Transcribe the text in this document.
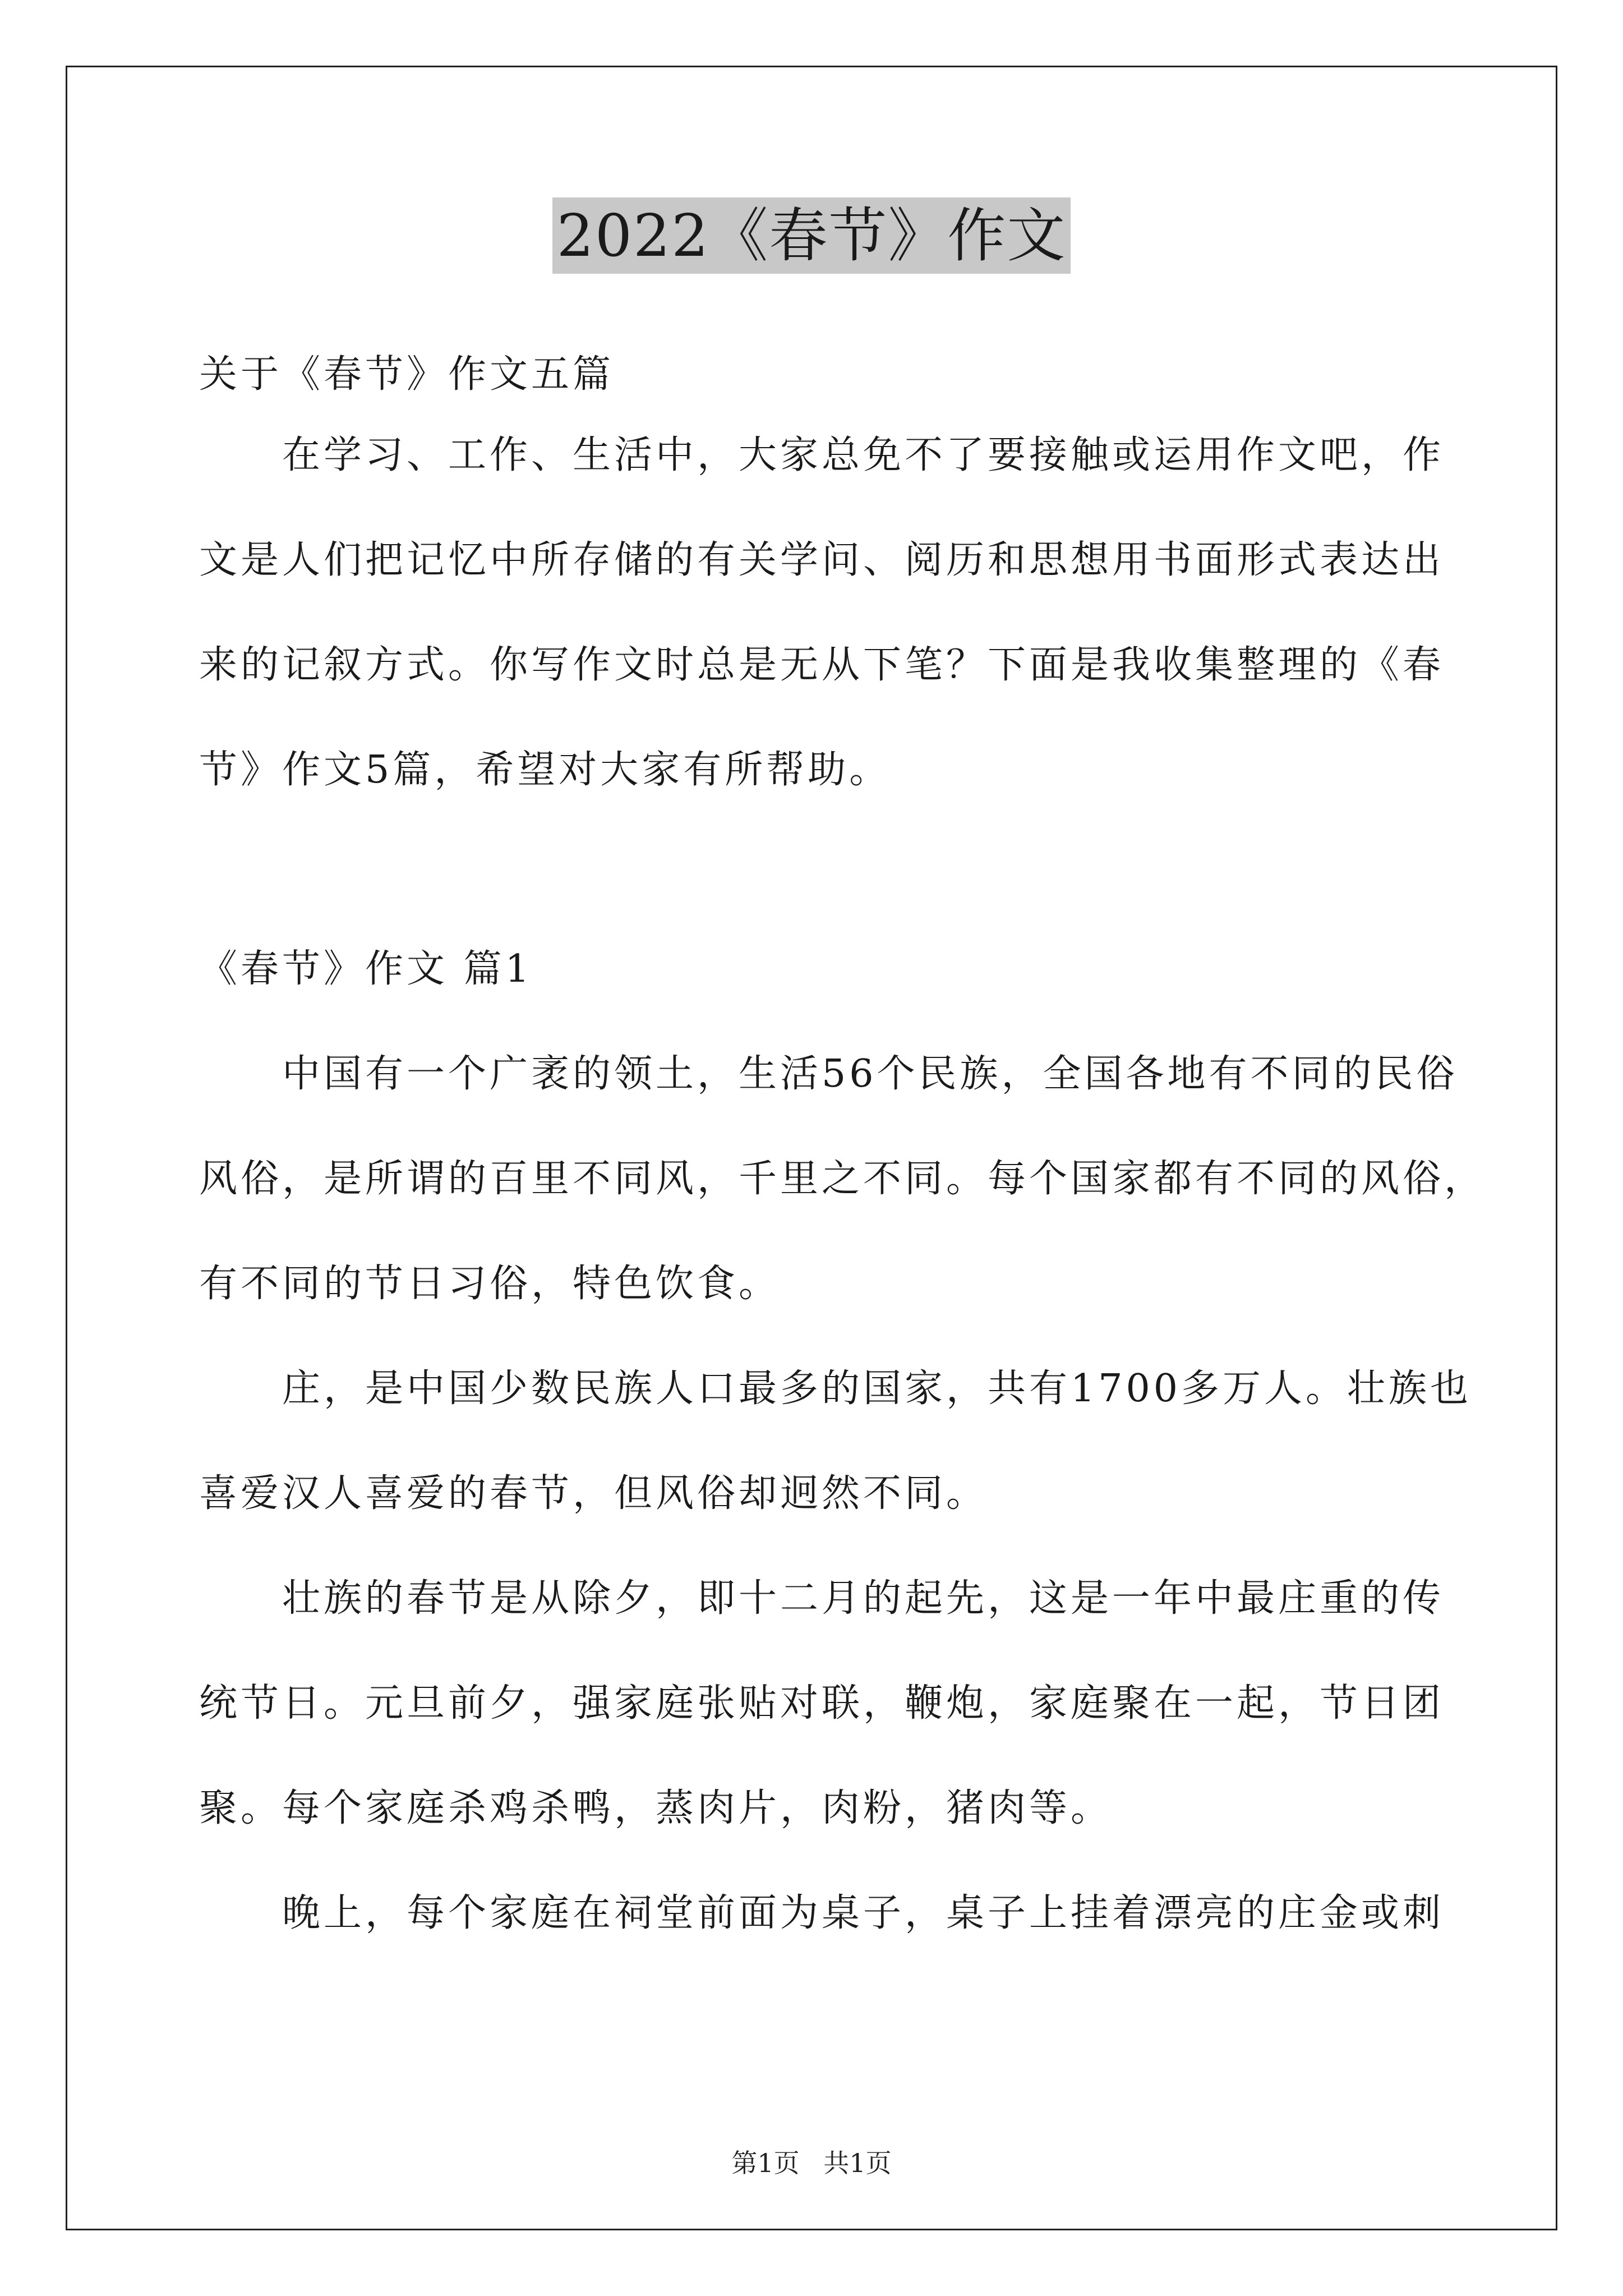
2022《春节》作文
关于《春节》作文五篇
在学习、工作、生活中，大家总免不了要接触或运用作文吧，作
文是人们把记忆中所存储的有关学问、阅历和思想用书面形式表达出
来的记叙方式。你写作文时总是无从下笔？下面是我收集整理的《春
节》作文5篇，希望对大家有所帮助。
《春节》作文 篇1
中国有一个广袤的领土，生活56个民族，全国各地有不同的民俗
风俗，是所谓的百里不同风，千里之不同。每个国家都有不同的风俗，
有不同的节日习俗，特色饮食。
庄，是中国少数民族人口最多的国家，共有1700多万人。壮族也
喜爱汉人喜爱的春节，但风俗却迥然不同。
壮族的春节是从除夕，即十二月的起先，这是一年中最庄重的传
统节日。元旦前夕，强家庭张贴对联，鞭炮，家庭聚在一起，节日团
聚。每个家庭杀鸡杀鸭，蒸肉片，肉粉，猪肉等。
晚上，每个家庭在祠堂前面为桌子，桌子上挂着漂亮的庄金或刺
第1页 共1页
